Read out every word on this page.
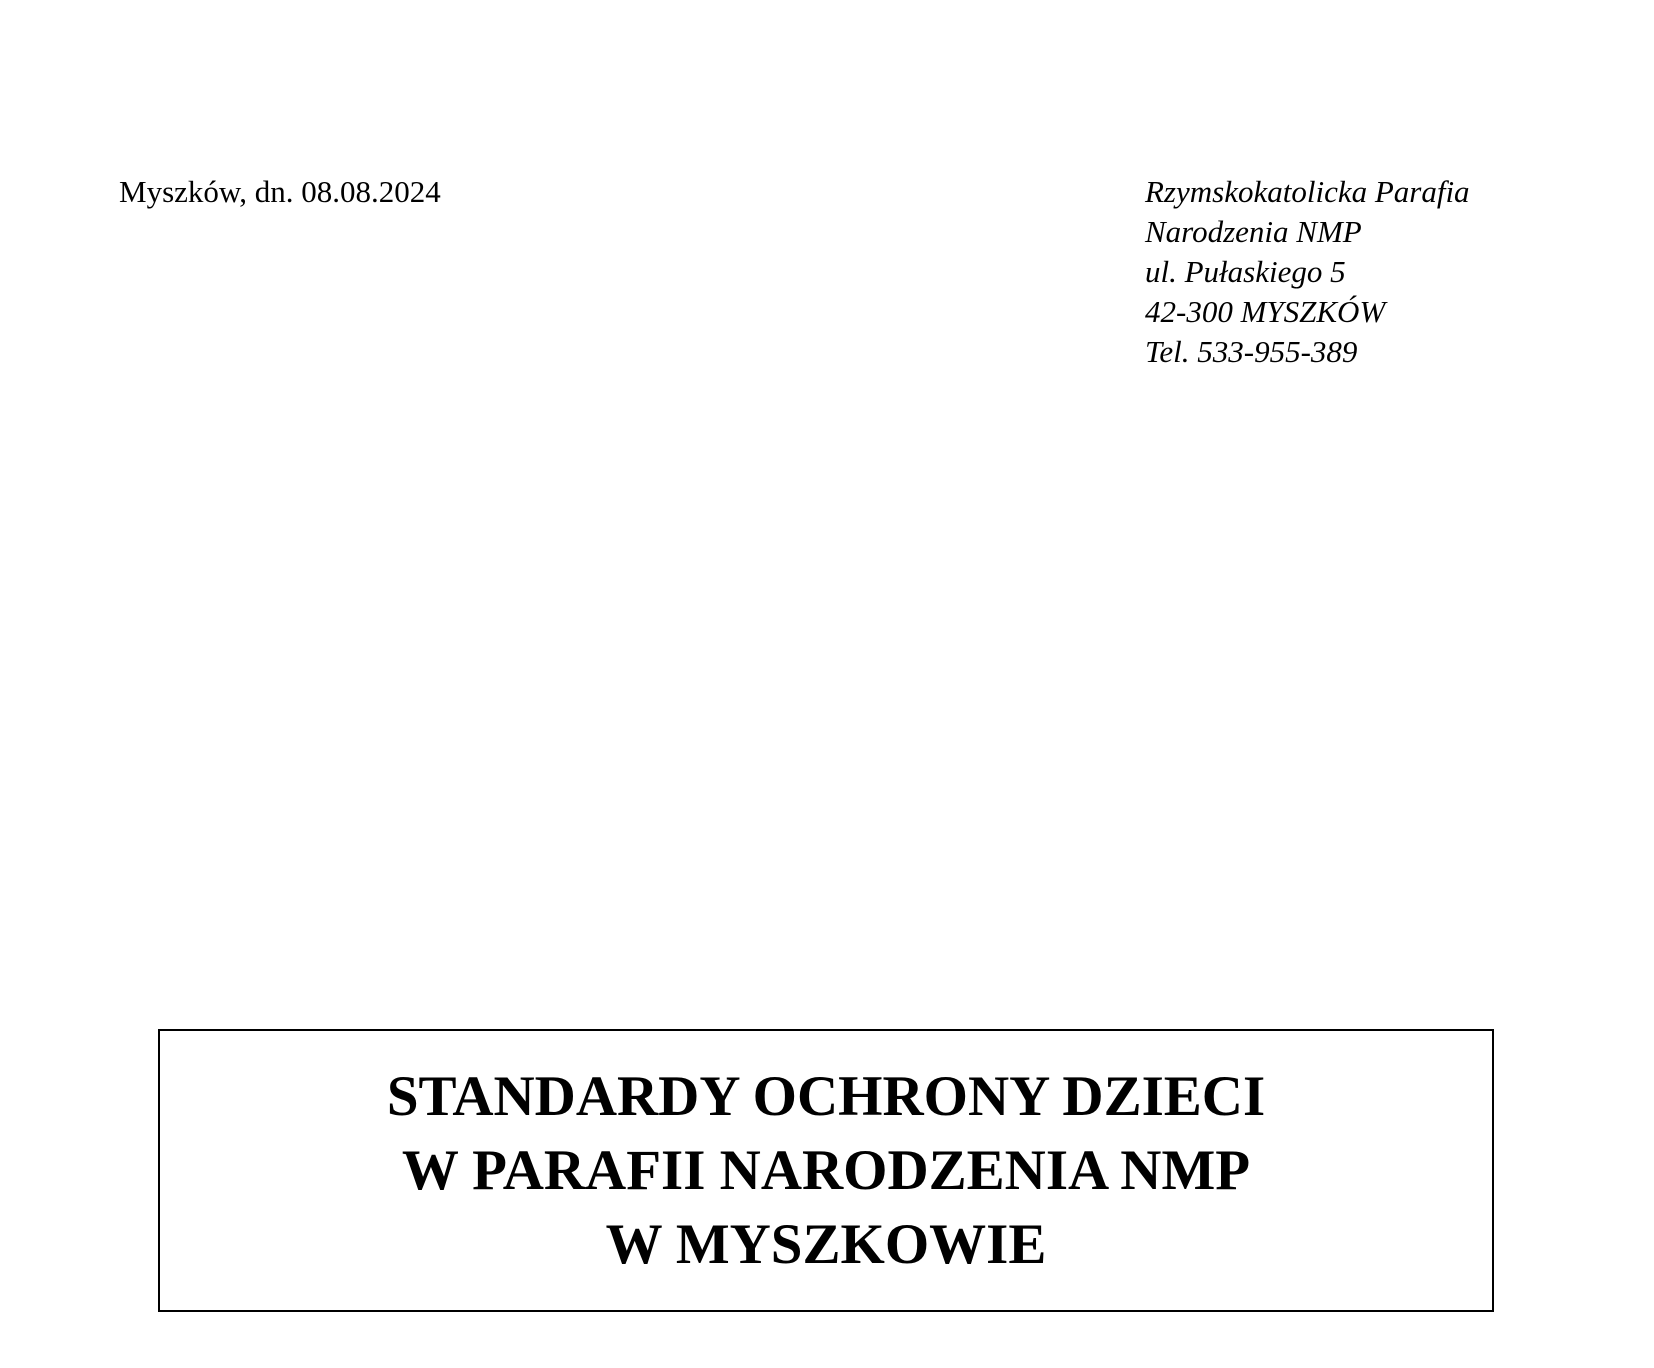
Myszków, dn. 08.08.2024	Rzymskokatolicka Parafia
Narodzenia NMP
ul. Pułaskiego 5
42-300 MYSZKÓW
Tel. 533-955-389
STANDARDY OCHRONY DZIECI
W PARAFII NARODZENIA NMP
W MYSZKOWIE
